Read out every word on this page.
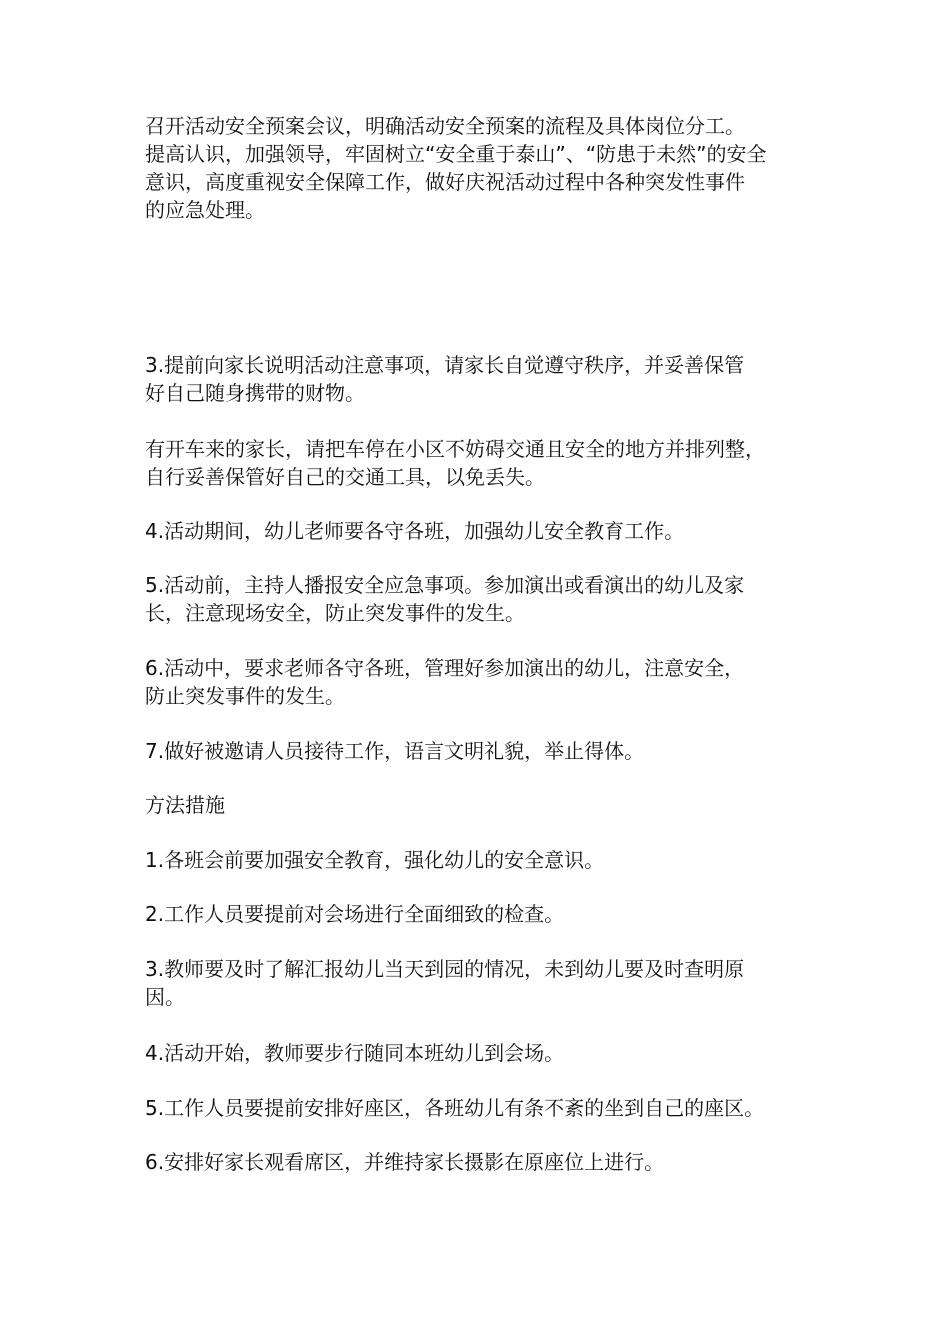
召开活动安全预案会议，明确活动安全预案的流程及具体岗位分工。
提高认识，加强领导，牢固树立“安全重于泰山”、“防患于未然”的安全
意识，高度重视安全保障工作，做好庆祝活动过程中各种突发性事件
的应急处理。

3.提前向家长说明活动注意事项，请家长自觉遵守秩序，并妥善保管
好自己随身携带的财物。

有开车来的家长，请把车停在小区不妨碍交通且安全的地方并排列整，
自行妥善保管好自己的交通工具，以免丢失。

4.活动期间，幼儿老师要各守各班，加强幼儿安全教育工作。

5.活动前，主持人播报安全应急事项。参加演出或看演出的幼儿及家
长，注意现场安全，防止突发事件的发生。

6.活动中，要求老师各守各班，管理好参加演出的幼儿，注意安全，
防止突发事件的发生。

7.做好被邀请人员接待工作，语言文明礼貌，举止得体。

方法措施

1.各班会前要加强安全教育，强化幼儿的安全意识。

2.工作人员要提前对会场进行全面细致的检查。

3.教师要及时了解汇报幼儿当天到园的情况，未到幼儿要及时查明原
因。

4.活动开始，教师要步行随同本班幼儿到会场。

5.工作人员要提前安排好座区，各班幼儿有条不紊的坐到自己的座区。

6.安排好家长观看席区，并维持家长摄影在原座位上进行。
